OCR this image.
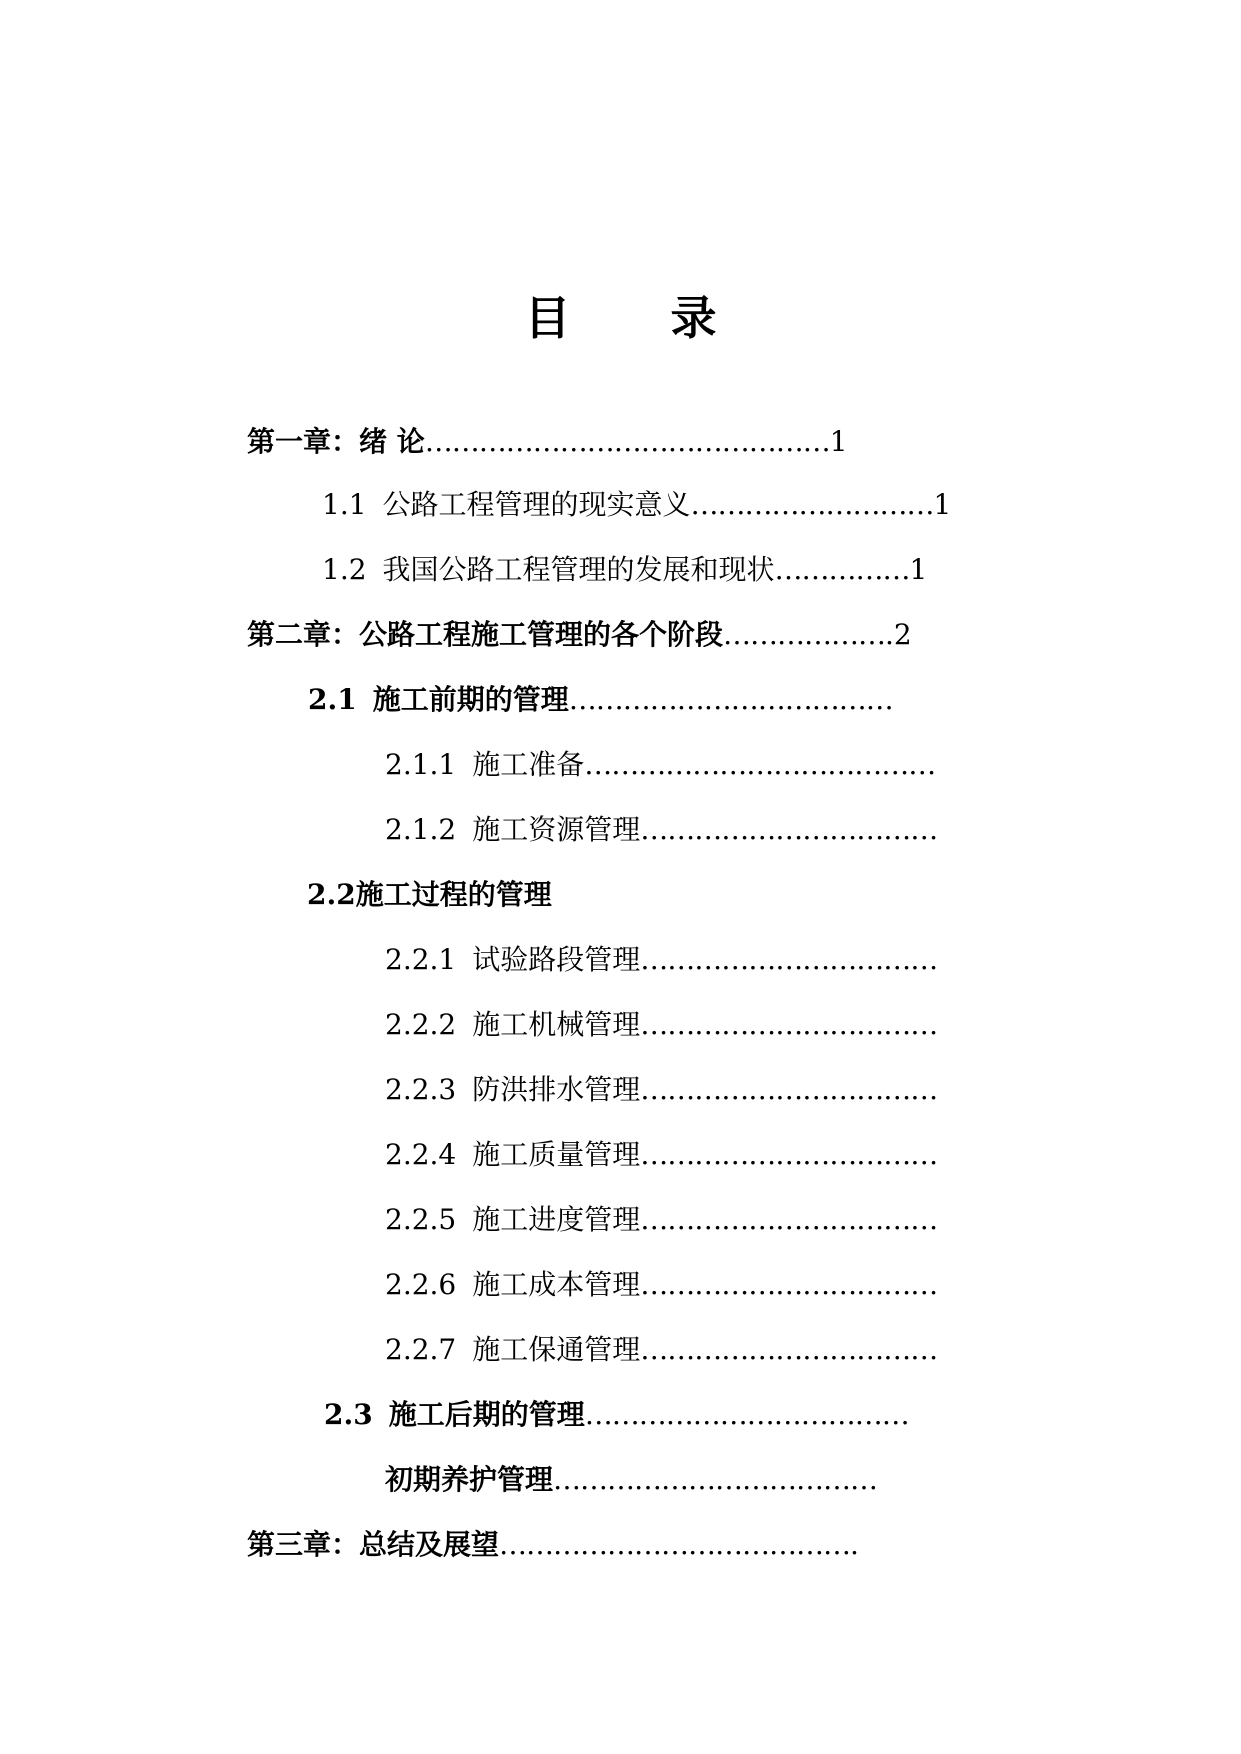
目录
第一章：绪 论………………………………………1
1.1 公路工程管理的现实意义………………………1
1.2 我国公路工程管理的发展和现状……………1
第二章：公路工程施工管理的各个阶段……………….2
2.1 施工前期的管理………………………………
2.1.1 施工准备…………………………………
2.1.2 施工资源管理……………………………
2.2施工过程的管理
2.2.1 试验路段管理……………………………
2.2.2 施工机械管理……………………………
2.2.3 防洪排水管理……………………………
2.2.4 施工质量管理……………………………
2.2.5 施工进度管理……………………………
2.2.6 施工成本管理……………………………
2.2.7 施工保通管理……………………………
2.3 施工后期的管理………………………………
初期养护管理………………………………
第三章：总结及展望………………………………….
